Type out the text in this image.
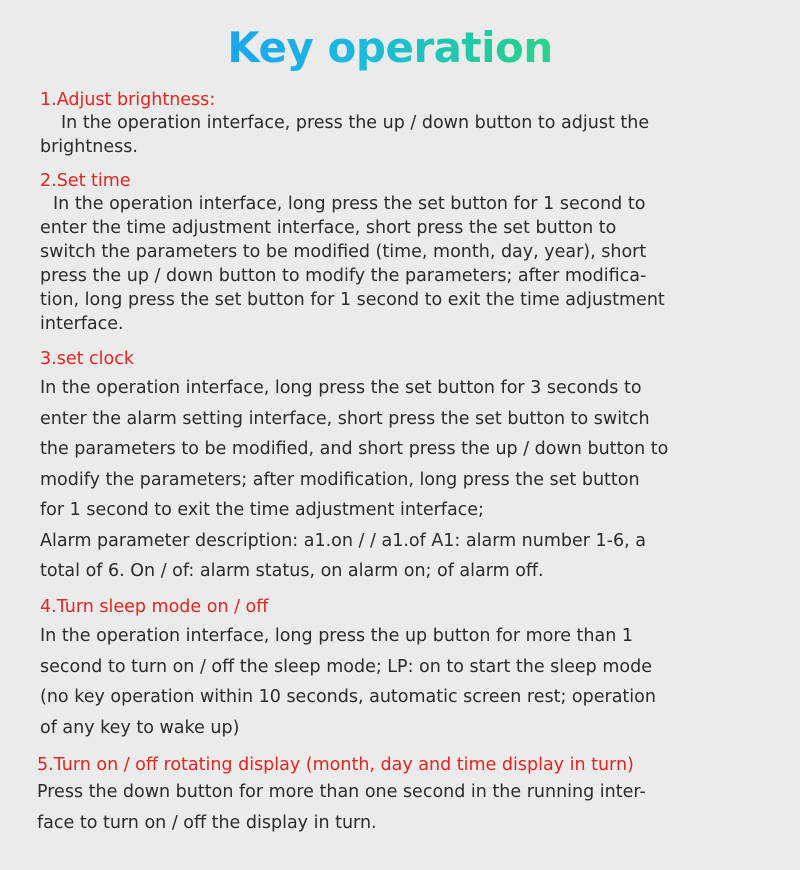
Key operation
1.Adjust brightness:
In the operation interface, press the up / down button to adjust the
brightness.
2.Set time
In the operation interface, long press the set button for 1 second to
enter the time adjustment interface, short press the set button to
switch the parameters to be modified (time, month, day, year), short
press the up / down button to modify the parameters; after modifica-
tion, long press the set button for 1 second to exit the time adjustment
interface.
3.set clock
In the operation interface, long press the set button for 3 seconds to
enter the alarm setting interface, short press the set button to switch
the parameters to be modified, and short press the up / down button to
modify the parameters; after modification, long press the set button
for 1 second to exit the time adjustment interface;
Alarm parameter description: a1.on / / a1.of A1: alarm number 1-6, a
total of 6. On / of: alarm status, on alarm on; of alarm off.
4.Turn sleep mode on / off
In the operation interface, long press the up button for more than 1
second to turn on / off the sleep mode; LP: on to start the sleep mode
(no key operation within 10 seconds, automatic screen rest; operation
of any key to wake up)
5.Turn on / off rotating display (month, day and time display in turn)
Press the down button for more than one second in the running inter-
face to turn on / off the display in turn.
